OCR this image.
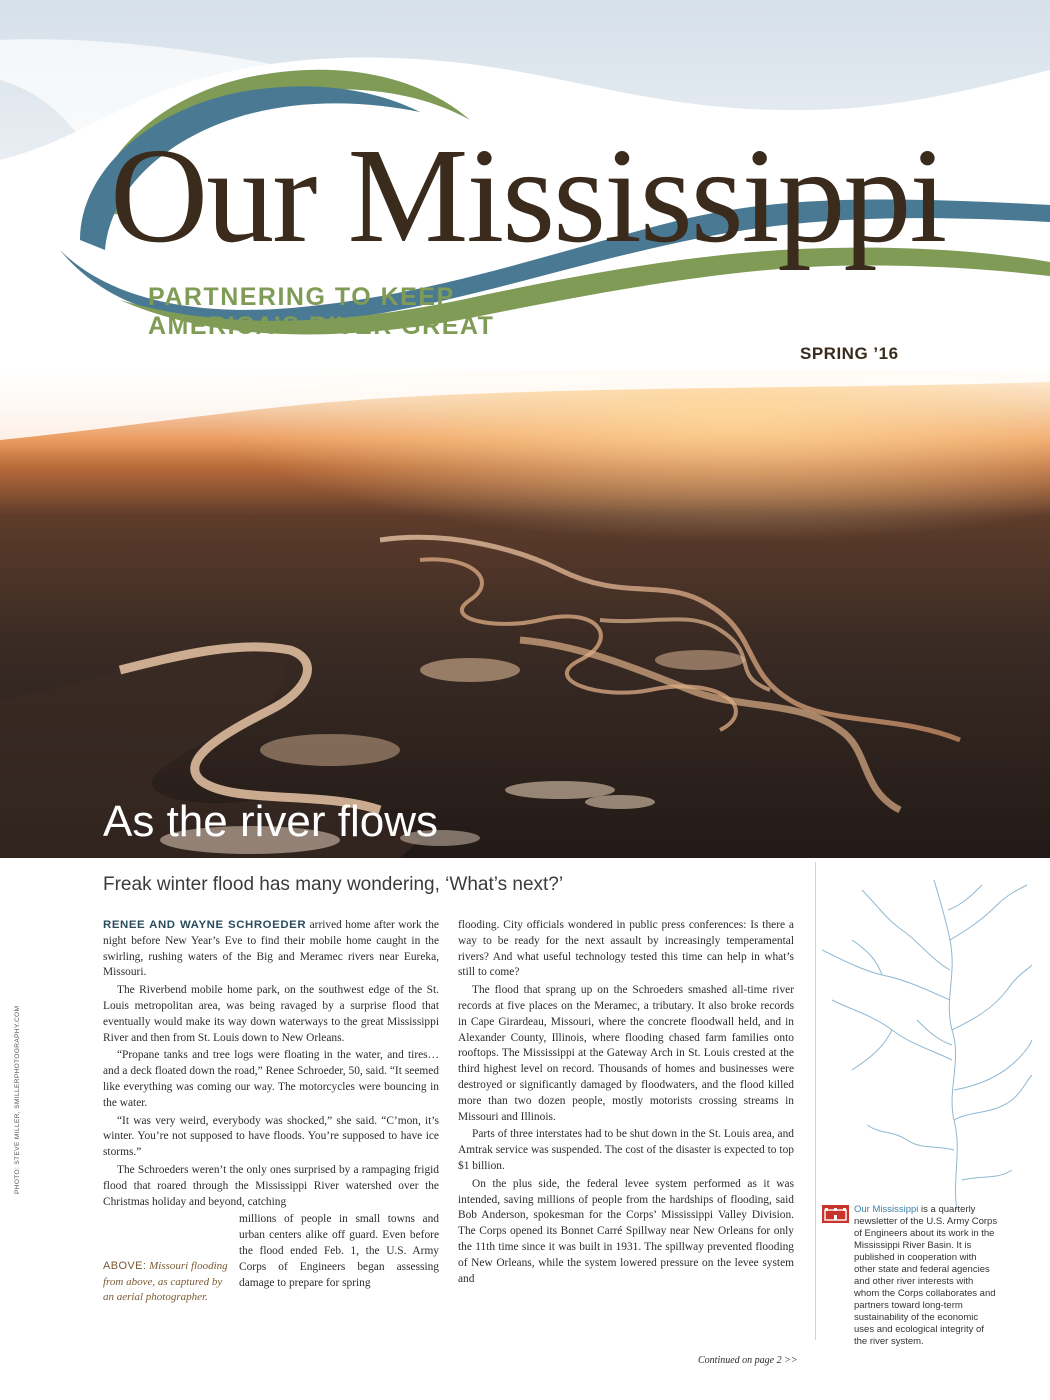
Our Mississippi
PARTNERING TO KEEP
AMERICA’S RIVER GREAT
SPRING ’16
As the river flows
PHOTO: STEVE MILLER, SMILLERPHOTOGRAPHY.COM
Freak winter flood has many wondering, ‘What’s next?’

RENEE AND WAYNE SCHROEDER arrived home after work the night before New Year’s Eve to find their mobile home caught in the swirling, rushing waters of the Big and Meramec rivers near Eureka, Missouri.

The Riverbend mobile home park, on the southwest edge of the St. Louis metropolitan area, was being ravaged by a surprise flood that eventually would make its way down waterways to the great Mississippi River and then from St. Louis down to New Orleans.

“Propane tanks and tree logs were floating in the water, and tires… and a deck floated down the road,” Renee Schroeder, 50, said. “It seemed like everything was coming our way. The motorcycles were bouncing in the water.

“It was very weird, everybody was shocked,” she said. “C’mon, it’s winter. You’re not supposed to have floods. You’re supposed to have ice storms.”

The Schroeders weren’t the only ones surprised by a rampaging frigid flood that roared through the Mississippi River watershed over the Christmas holiday and beyond, catching

millions of people in small towns and urban centers alike off guard. Even before the flood ended Feb. 1, the U.S. Army Corps of Engineers began assessing damage to prepare for spring

ABOVE: Missouri flooding from above, as captured by an aerial photographer.

flooding. City officials wondered in public press conferences: Is there a way to be ready for the next assault by increasingly temperamental rivers? And what useful technology tested this time can help in what’s still to come?

The flood that sprang up on the Schroeders smashed all-time river records at five places on the Meramec, a tributary. It also broke records in Cape Girardeau, Missouri, where the concrete floodwall held, and in Alexander County, Illinois, where flooding chased farm families onto rooftops. The Mississippi at the Gateway Arch in St. Louis crested at the third highest level on record. Thousands of homes and businesses were destroyed or significantly damaged by floodwaters, and the flood killed more than two dozen people, mostly motorists crossing streams in Missouri and Illinois.

Parts of three interstates had to be shut down in the St. Louis area, and Amtrak service was suspended. The cost of the disaster is expected to top $1 billion.

On the plus side, the federal levee system performed as it was intended, saving millions of people from the hardships of flooding, said Bob Anderson, spokesman for the Corps’ Mississippi Valley Division. The Corps opened its Bonnet Carré Spillway near New Orleans for only the 11th time since it was built in 1931. The spillway prevented flooding of New Orleans, while the system lowered pressure on the levee system and

Continued on page 2 >>
Our Mississippi is a quarterly newsletter of the U.S. Army Corps of Engineers about its work in the Mississippi River Basin. It is published in cooperation with other state and federal agencies and other river interests with whom the Corps collaborates and partners toward long-term sustainability of the economic uses and ecological integrity of the river system.
